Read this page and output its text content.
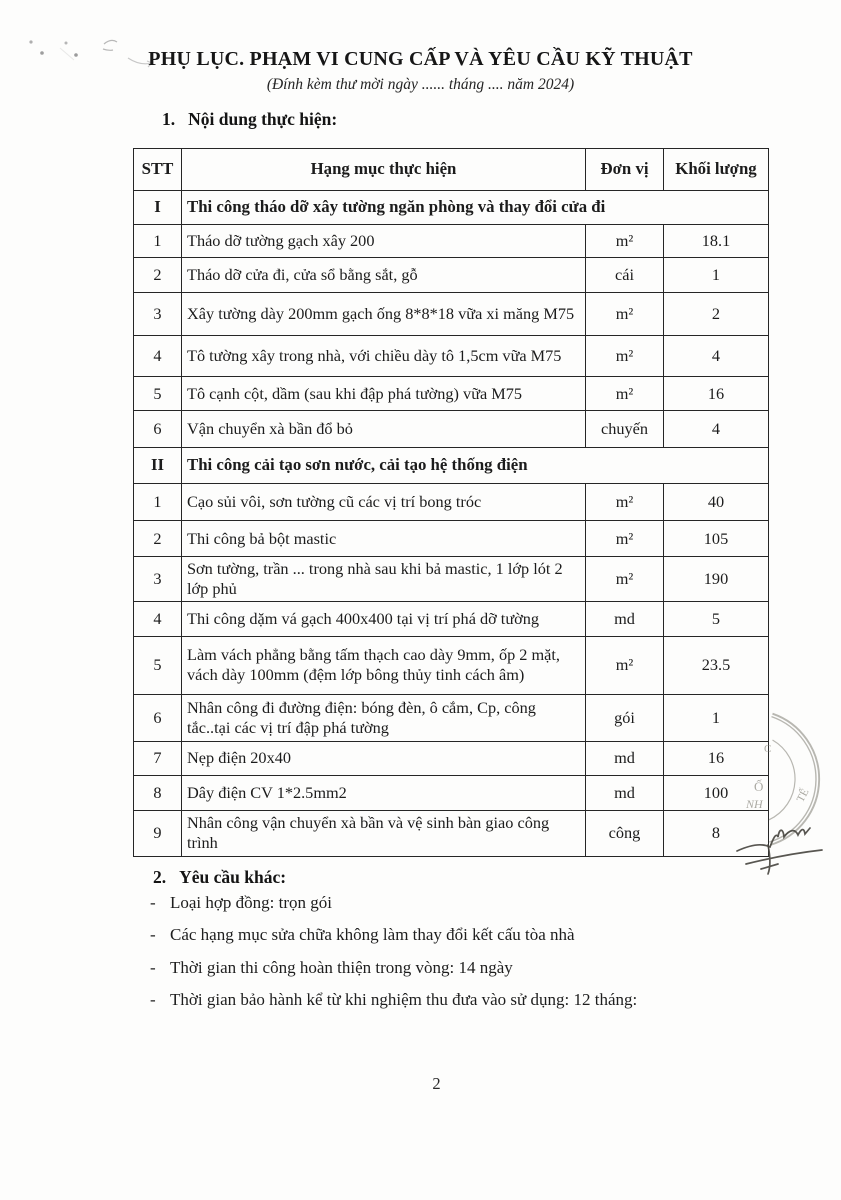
PHỤ LỤC. PHẠM VI CUNG CẤP VÀ YÊU CẦU KỸ THUẬT
(Đính kèm thư mời ngày ...... tháng .... năm 2024)
1. Nội dung thực hiện:
STT	Hạng mục thực hiện	Đơn vị	Khối lượng
I	Thi công tháo dỡ xây tường ngăn phòng và thay đổi cửa đi		
1	Tháo dỡ tường gạch xây 200	m²	18.1
2	Tháo dỡ cửa đi, cửa sổ bằng sắt, gỗ	cái	1
3	Xây tường dày 200mm gạch ống 8*8*18 vữa xi măng M75	m²	2
4	Tô tường xây trong nhà, với chiều dày tô 1,5cm vữa M75	m²	4
5	Tô cạnh cột, dầm (sau khi đập phá tường) vữa M75	m²	16
6	Vận chuyển xà bần đổ bỏ	chuyến	4
II	Thi công cải tạo sơn nước, cải tạo hệ thống điện		
1	Cạo sủi vôi, sơn tường cũ các vị trí bong tróc	m²	40
2	Thi công bả bột mastic	m²	105
3	Sơn tường, trần ... trong nhà sau khi bả mastic, 1 lớp lót 2 lớp phủ	m²	190
4	Thi công dặm vá gạch 400x400 tại vị trí phá dỡ tường	md	5
5	Làm vách phẳng bằng tấm thạch cao dày 9mm, ốp 2 mặt, vách dày 100mm (đệm lớp bông thủy tinh cách âm)	m²	23.5
6	Nhân công đi đường điện: bóng đèn, ô cắm, Cp, công tắc..tại các vị trí đập phá tường	gói	1
7	Nẹp điện 20x40	md	16
8	Dây điện CV 1*2.5mm2	md	100
9	Nhân công vận chuyển xà bần và vệ sinh bàn giao công trình	công	8
2. Yêu cầu khác:
- Loại hợp đồng: trọn gói
- Các hạng mục sửa chữa không làm thay đổi kết cấu tòa nhà
- Thời gian thi công hoàn thiện trong vòng: 14 ngày
- Thời gian bảo hành kể từ khi nghiệm thu đưa vào sử dụng: 12 tháng:
C
Ố
NH	TẾ
2
